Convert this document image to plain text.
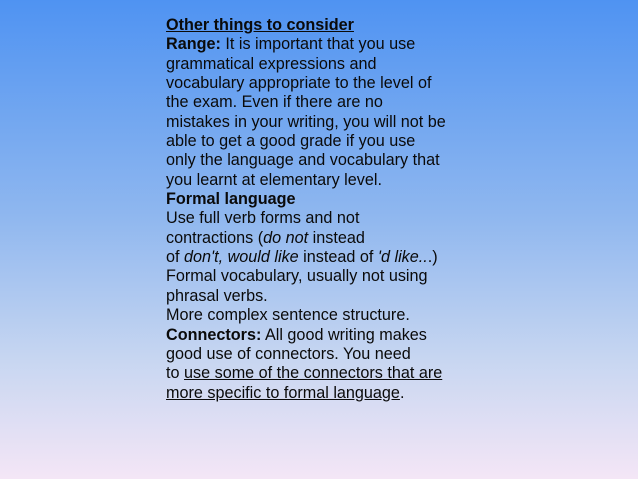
Other things to consider
Range: It is important that you use
grammatical expressions and
vocabulary appropriate to the level of
the exam. Even if there are no
mistakes in your writing, you will not be
able to get a good grade if you use
only the language and vocabulary that
you learnt at elementary level.
Formal language
Use full verb forms and not
contractions (do not instead
of don't, would like instead of 'd like...)
Formal vocabulary, usually not using
phrasal verbs.
More complex sentence structure.
Connectors: All good writing makes
good use of connectors. You need
to use some of the connectors that are
more specific to formal language.
